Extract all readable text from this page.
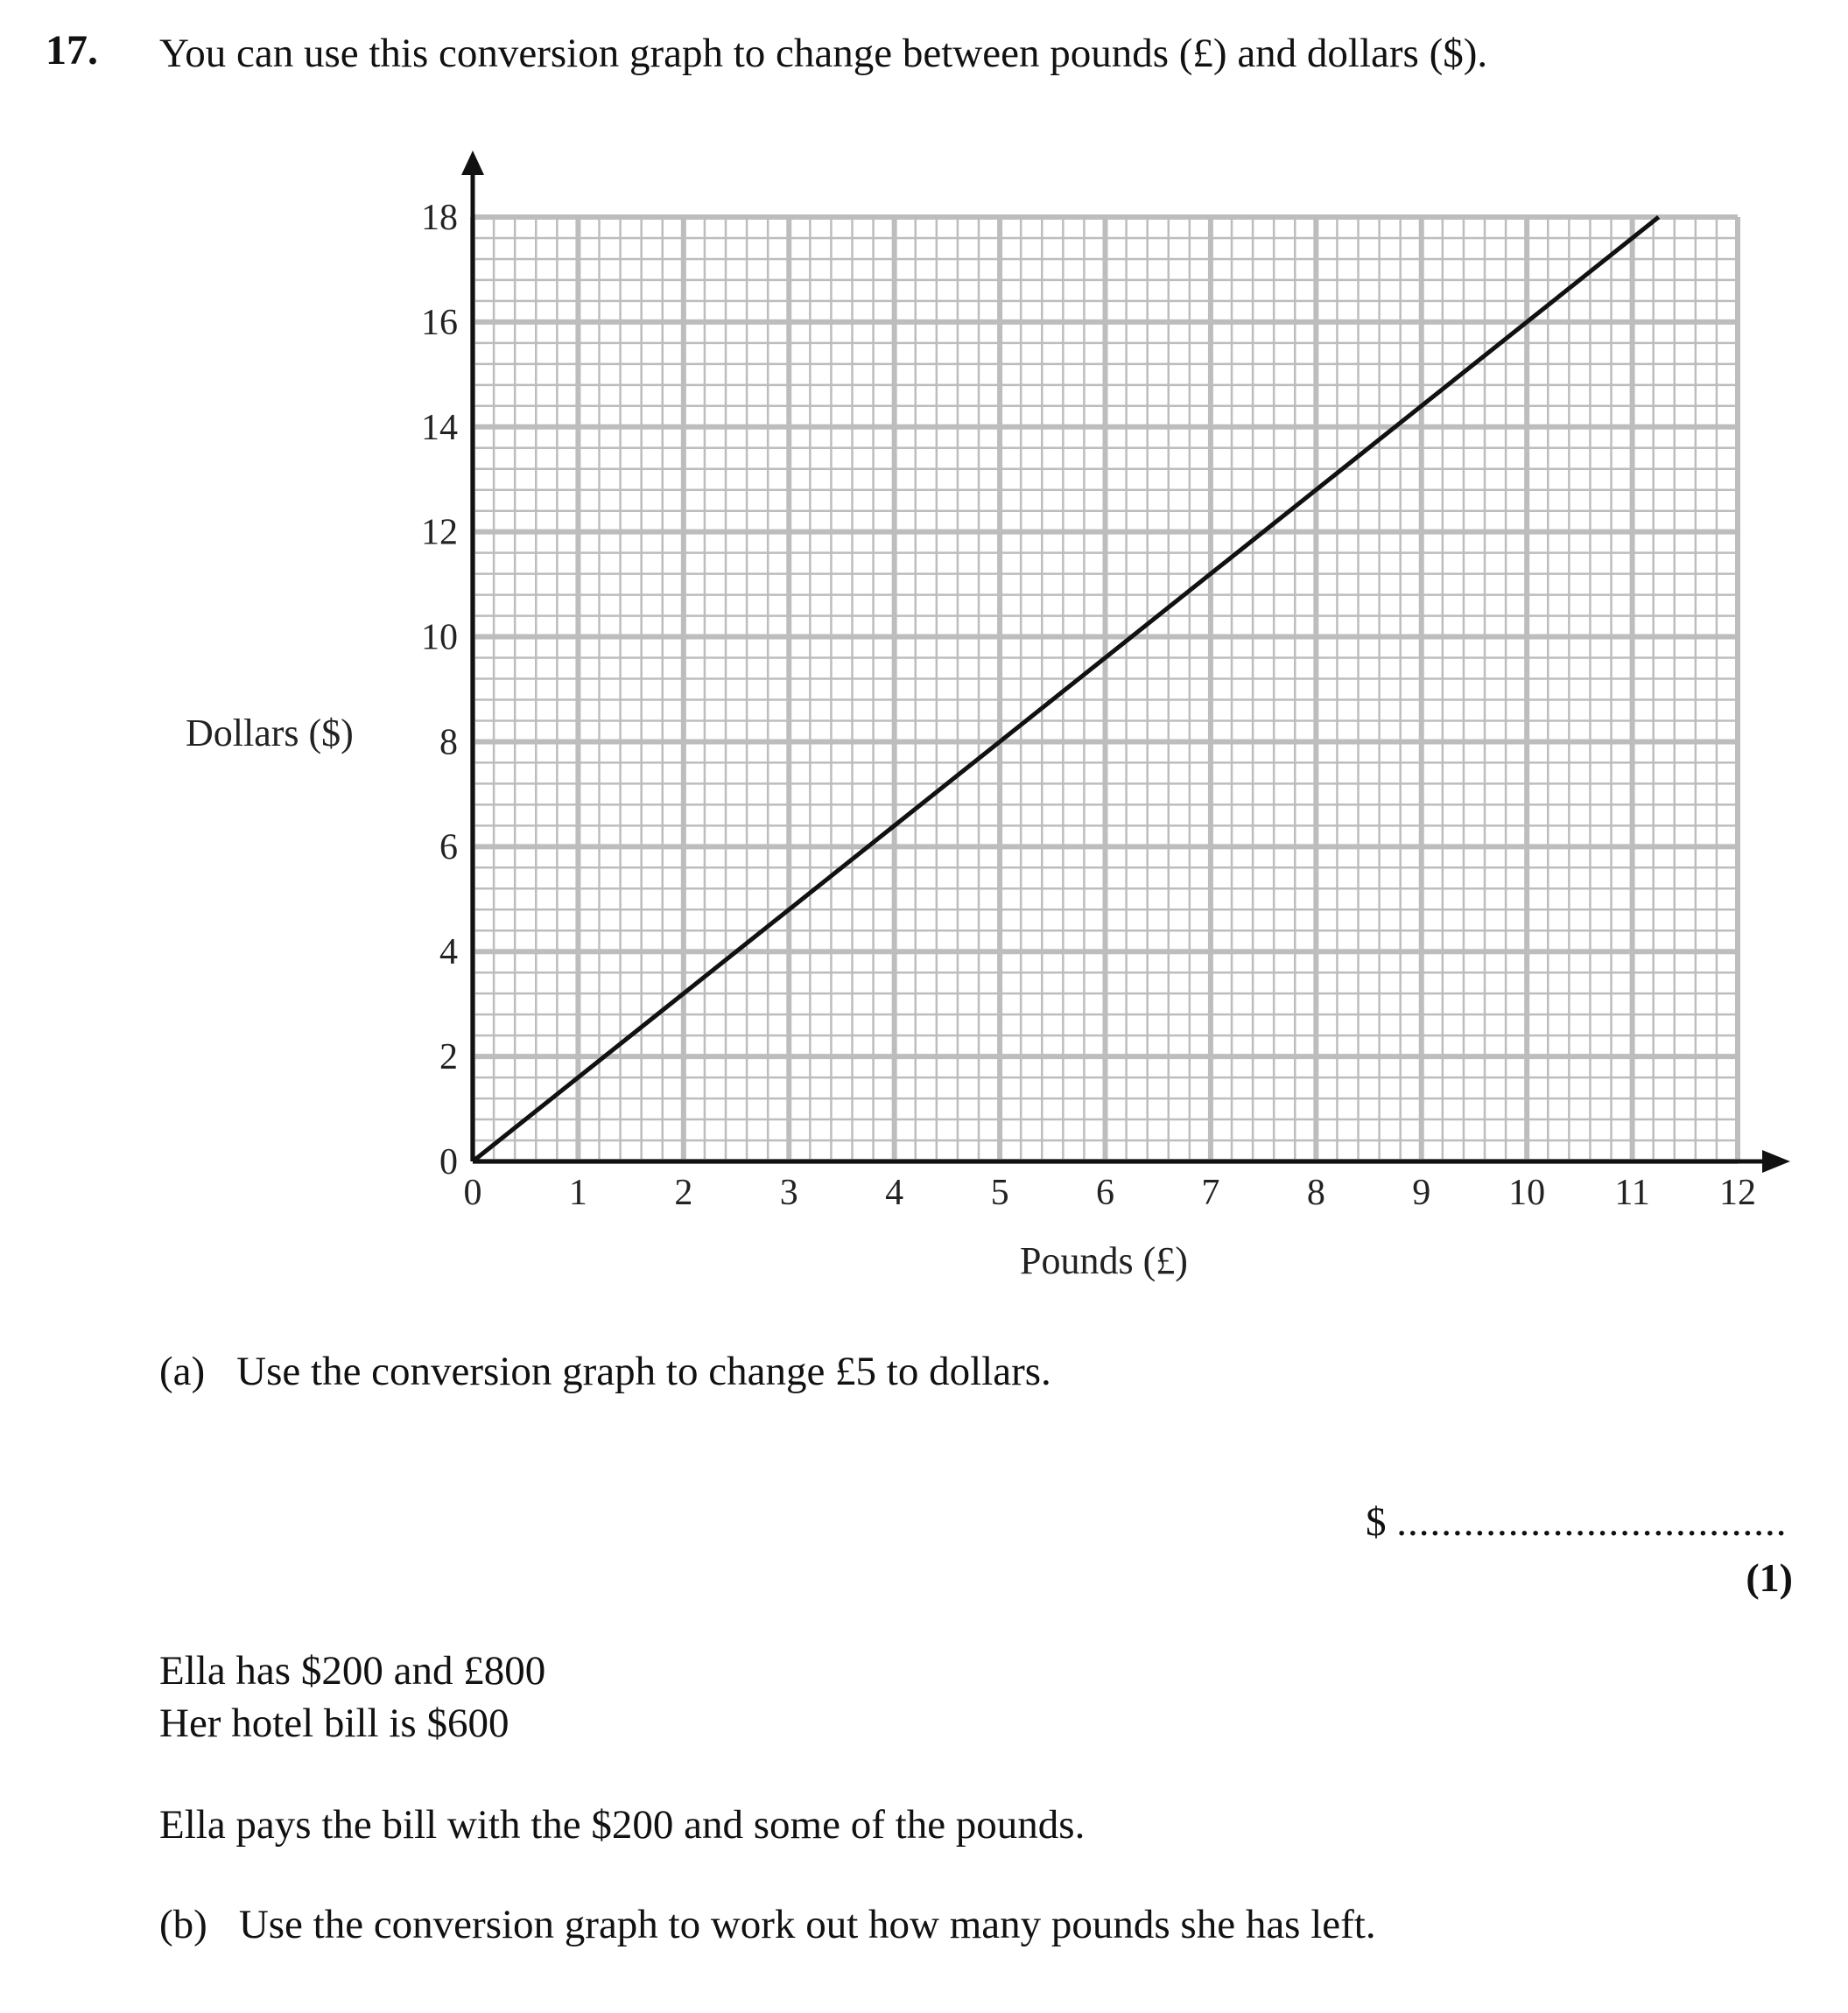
17. You can use this conversion graph to change between pounds (£) and dollars ($).
0 1 2 3 4 5 6 7 8 9 10 11 12
0
2
4
6
8
10
12
14
16
18
Pounds (£)
Dollars ($)
(a) Use the conversion graph to change £5 to dollars.
$ ...................................
(1)
Ella has $200 and £800
Her hotel bill is $600
Ella pays the bill with the $200 and some of the pounds.
(b) Use the conversion graph to work out how many pounds she has left.
